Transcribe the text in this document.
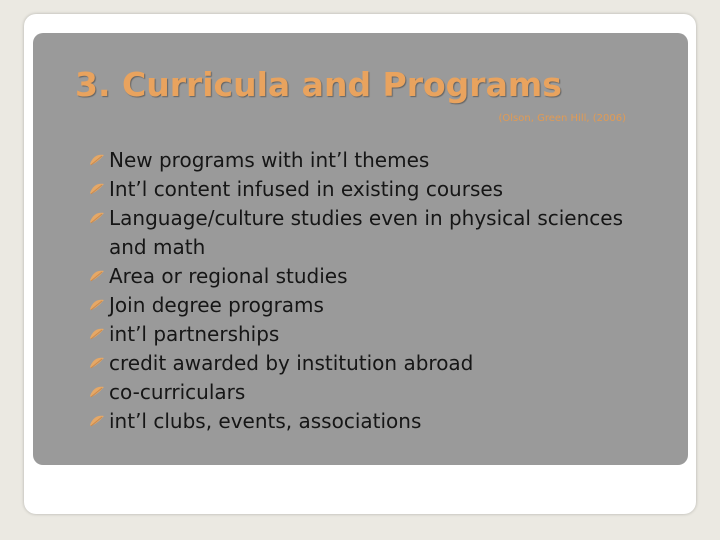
3. Curricula and Programs
(Olson, Green Hill, (2006)
New programs with int’l themes
Int’l content infused in existing courses
Language/culture studies even in physical sciences and math
Area or regional studies
Join degree programs
int’l partnerships
credit awarded by institution abroad
co-curriculars
int’l clubs, events, associations
